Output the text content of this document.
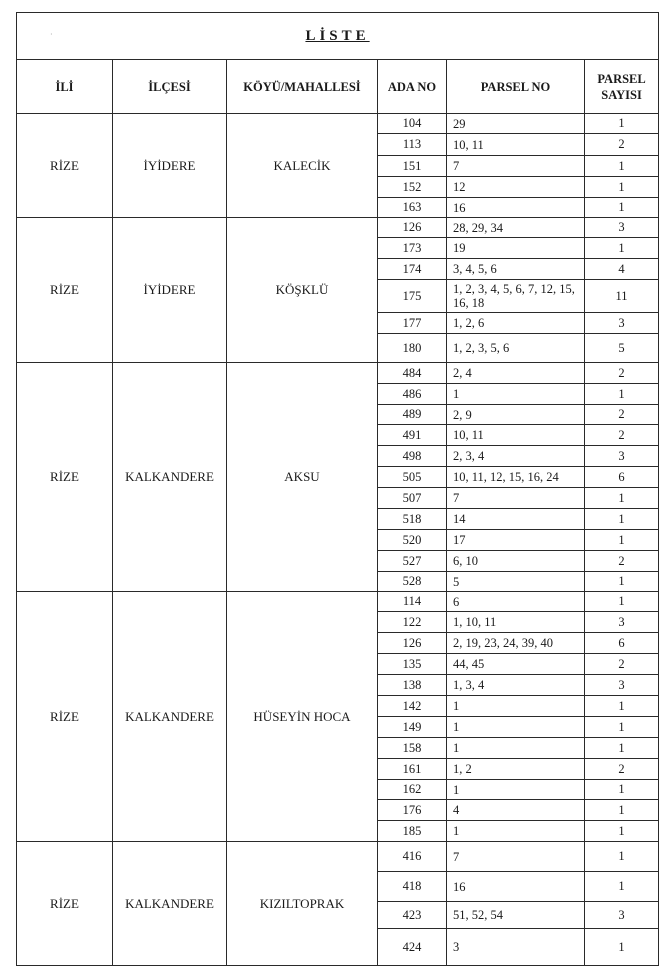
·	LİSTE					
İLİ	İLÇESİ	KÖYÜ/MAHALLESİ	ADA NO	PARSEL NO	PARSEL SAYISI
RİZE	İYİDERE	KALECİK	104	29	1
			113	10, 11	2
			151	7	1
			152	12	1
			163	16	1
RİZE	İYİDERE	KÖŞKLÜ	126	28, 29, 34	3
			173	19	1
			174	3, 4, 5, 6	4
			175	1, 2, 3, 4, 5, 6, 7, 12, 15, 16, 18	11
			177	1, 2, 6	3
			180	1, 2, 3, 5, 6	5
RİZE	KALKANDERE	AKSU	484	2, 4	2
			486	1	1
			489	2, 9	2
			491	10, 11	2
			498	2, 3, 4	3
			505	10, 11, 12, 15, 16, 24	6
			507	7	1
			518	14	1
			520	17	1
			527	6, 10	2
			528	5	1
RİZE	KALKANDERE	HÜSEYİN HOCA	114	6	1
			122	1, 10, 11	3
			126	2, 19, 23, 24, 39, 40	6
			135	44, 45	2
			138	1, 3, 4	3
			142	1	1
			149	1	1
			158	1	1
			161	1, 2	2
			162	1	1
			176	4	1
			185	1	1
RİZE	KALKANDERE	KIZILTOPRAK	416	7	1
			418	16	1
			423	51, 52, 54	3
			424	3	1
